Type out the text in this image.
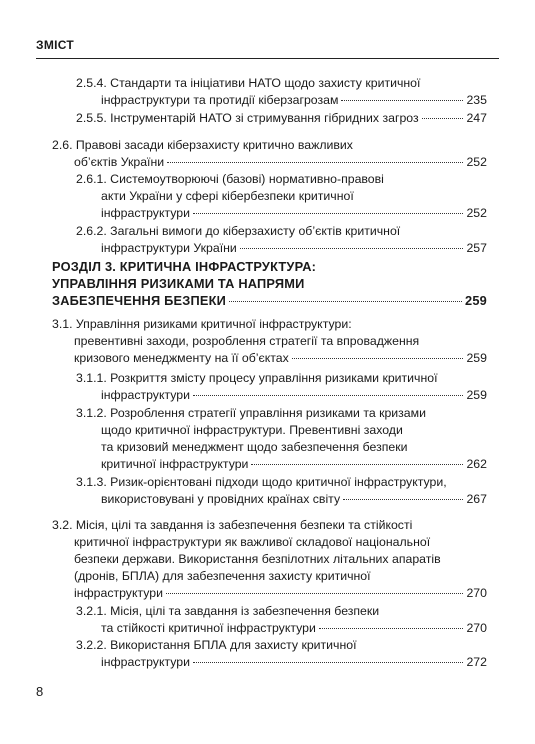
ЗМІСТ
2.5.4. Стандарти та ініціативи НАТО щодо захисту критичної
інфраструктури та протидії кіберзагрозам	235
2.5.5. Інструментарій НАТО зі стримування гібридних загроз	247
2.6. Правові засади кіберзахисту критично важливих
об’єктів України	252
2.6.1. Системоутворюючі (базові) нормативно-правові
акти України у сфері кібербезпеки критичної
інфраструктури	252
2.6.2. Загальні вимоги до кіберзахисту об’єктів критичної
інфраструктури України	257
РОЗДІЛ 3. КРИТИЧНА ІНФРАСТРУКТУРА:
УПРАВЛІННЯ РИЗИКАМИ ТА НАПРЯМИ
ЗАБЕЗПЕЧЕННЯ БЕЗПЕКИ	259
3.1. Управління ризиками критичної інфраструктури:
превентивні заходи, розроблення стратегії та впровадження
кризового менеджменту на її об’єктах	259
3.1.1. Розкриття змісту процесу управління ризиками критичної
інфраструктури	259
3.1.2. Розроблення стратегії управління ризиками та кризами
щодо критичної інфраструктури. Превентивні заходи
та кризовий менеджмент щодо забезпечення безпеки
критичної інфраструктури	262
3.1.3. Ризик-орієнтовані підходи щодо критичної інфраструктури,
використовувані у провідних країнах світу	267
3.2. Місія, цілі та завдання із забезпечення безпеки та стійкості
критичної інфраструктури як важливої складової національної
безпеки держави. Використання безпілотних літальних апаратів
(дронів, БПЛА) для забезпечення захисту критичної
інфраструктури	270
3.2.1. Місія, цілі та завдання із забезпечення безпеки
та стійкості критичної інфраструктури	270
3.2.2. Використання БПЛА для захисту критичної
інфраструктури	272
8
